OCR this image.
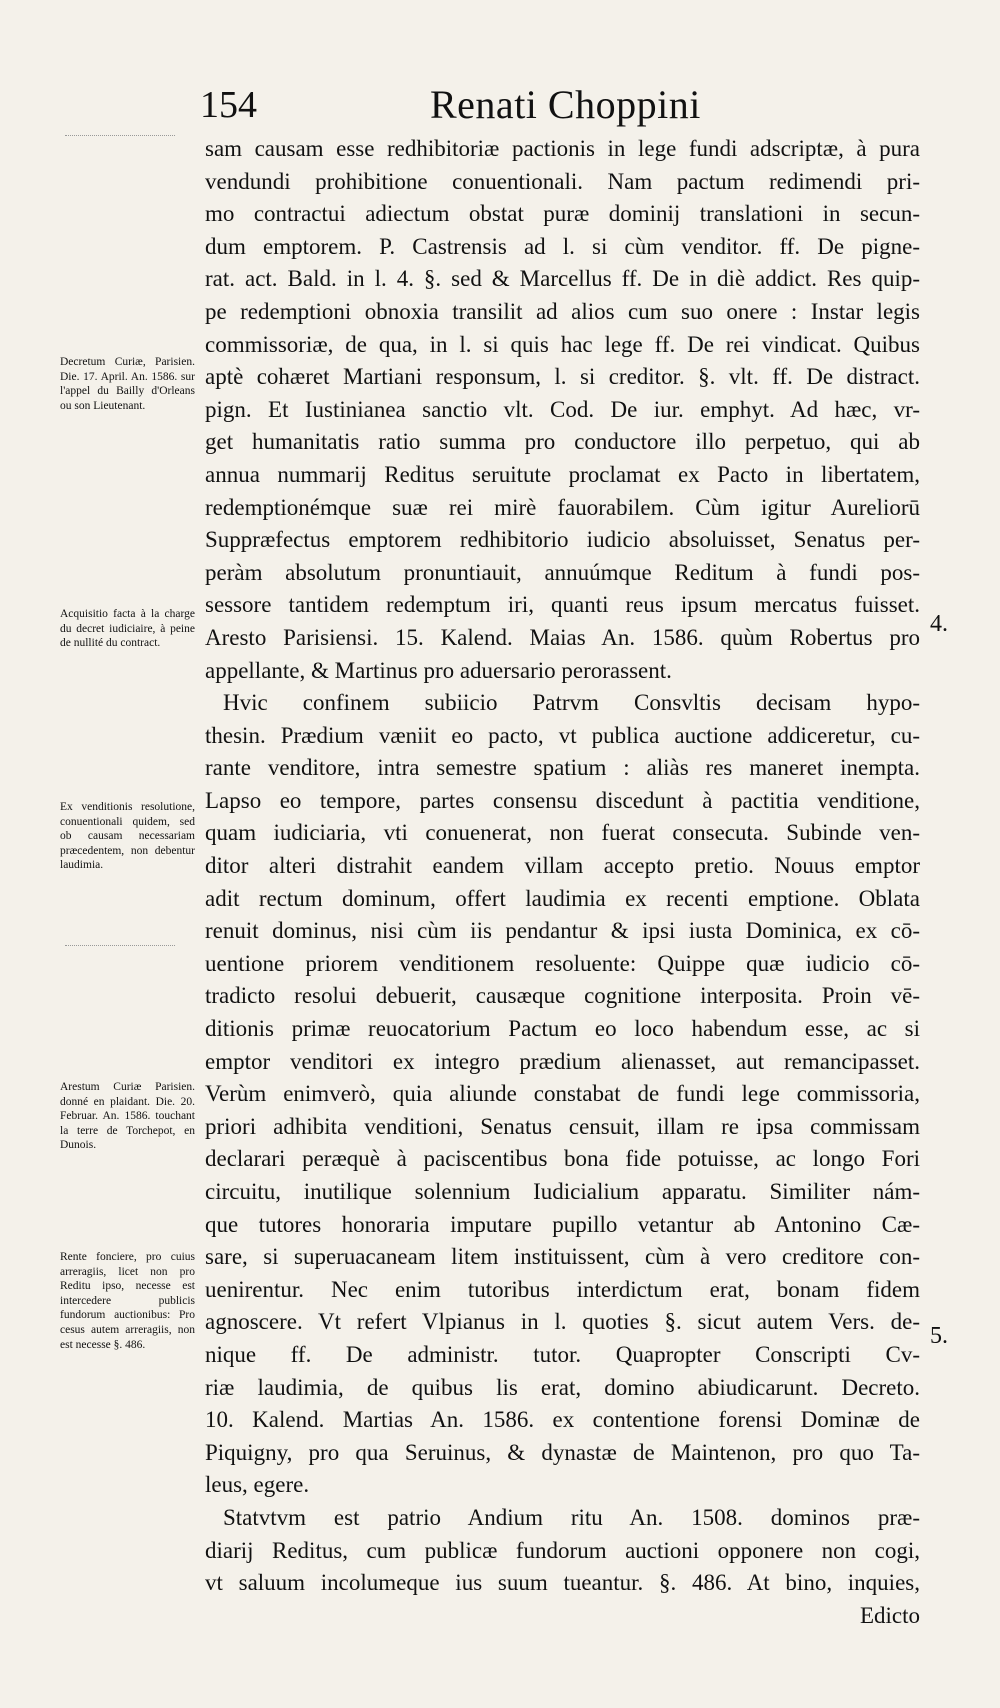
154	Renati Choppini
sam causam esse redhibitoriæ pactionis in lege fundi adscriptæ, à pura
vendundi prohibitione conuentionali. Nam pactum redimendi pri-
mo contractui adiectum obstat puræ dominij translationi in secun-
dum emptorem. P. Castrensis ad l. si cùm venditor. ff. De pigne-
rat. act. Bald. in l. 4. §. sed & Marcellus ff. De in diè addict. Res quip-
pe redemptioni obnoxia transilit ad alios cum suo onere : Instar legis
commissoriæ, de qua, in l. si quis hac lege ff. De rei vindicat. Quibus
aptè cohæret Martiani responsum, l. si creditor. §. vlt. ff. De distract.
pign. Et Iustinianea sanctio vlt. Cod. De iur. emphyt. Ad hæc, vr-
get humanitatis ratio summa pro conductore illo perpetuo, qui ab
annua nummarij Reditus seruitute proclamat ex Pacto in libertatem,
redemptionémque suæ rei mirè fauorabilem. Cùm igitur Aureliorū
Suppræfectus emptorem redhibitorio iudicio absoluisset, Senatus per-
peràm absolutum pronuntiauit, annuúmque Reditum à fundi pos-
sessore tantidem redemptum iri, quanti reus ipsum mercatus fuisset.
Aresto Parisiensi. 15. Kalend. Maias An. 1586. quùm Robertus pro
appellante, & Martinus pro aduersario perorassent.
Hvic confinem subiicio Patrvm Consvltis decisam hypo-
thesin. Prædium væniit eo pacto, vt publica auctione addiceretur, cu-
rante venditore, intra semestre spatium : aliàs res maneret inempta.
Lapso eo tempore, partes consensu discedunt à pactitia venditione,
quam iudiciaria, vti conuenerat, non fuerat consecuta. Subinde ven-
ditor alteri distrahit eandem villam accepto pretio. Nouus emptor
adit rectum dominum, offert laudimia ex recenti emptione. Oblata
renuit dominus, nisi cùm iis pendantur & ipsi iusta Dominica, ex cō-
uentione priorem venditionem resoluente: Quippe quæ iudicio cō-
tradicto resolui debuerit, causæque cognitione interposita. Proin vē-
ditionis primæ reuocatorium Pactum eo loco habendum esse, ac si
emptor venditori ex integro prædium alienasset, aut remancipasset.
Verùm enimverò, quia aliunde constabat de fundi lege commissoria,
priori adhibita venditioni, Senatus censuit, illam re ipsa commissam
declarari peræquè à paciscentibus bona fide potuisse, ac longo Fori
circuitu, inutilique solennium Iudicialium apparatu. Similiter nám-
que tutores honoraria imputare pupillo vetantur ab Antonino Cæ-
sare, si superuacaneam litem instituissent, cùm à vero creditore con-
uenirentur. Nec enim tutoribus interdictum erat, bonam fidem
agnoscere. Vt refert Vlpianus in l. quoties §. sicut autem Vers. de-
nique ff. De administr. tutor. Quapropter Conscripti Cv-
riæ laudimia, de quibus lis erat, domino abiudicarunt. Decreto.
10. Kalend. Martias An. 1586. ex contentione forensi Dominæ de
Piquigny, pro qua Seruinus, & dynastæ de Maintenon, pro quo Ta-
leus, egere.
Statvtvm est patrio Andium ritu An. 1508. dominos præ-
diarij Reditus, cum publicæ fundorum auctioni opponere non cogi,
vt saluum incolumeque ius suum tueantur. §. 486. At bino, inquies,
Edicto
Decretum Curiæ, Parisien. Die. 17. April. An. 1586. sur l'appel du Bailly d'Orleans ou son Lieutenant.
Acquisitio facta à la charge du decret iudiciaire, à peine de nullité du contract.
Ex venditionis resolutione, conuentionali quidem, sed ob causam necessariam præcedentem, non debentur laudimia.
Arestum Curiæ Parisien. donné en plaidant. Die. 20. Februar. An. 1586. touchant la terre de Torchepot, en Dunois.
Rente fonciere, pro cuius arreragiis, licet non pro Reditu ipso, necesse est intercedere publicis fundorum auctionibus: Pro cesus autem arreragiis, non est necesse §. 486.
4.
5.
